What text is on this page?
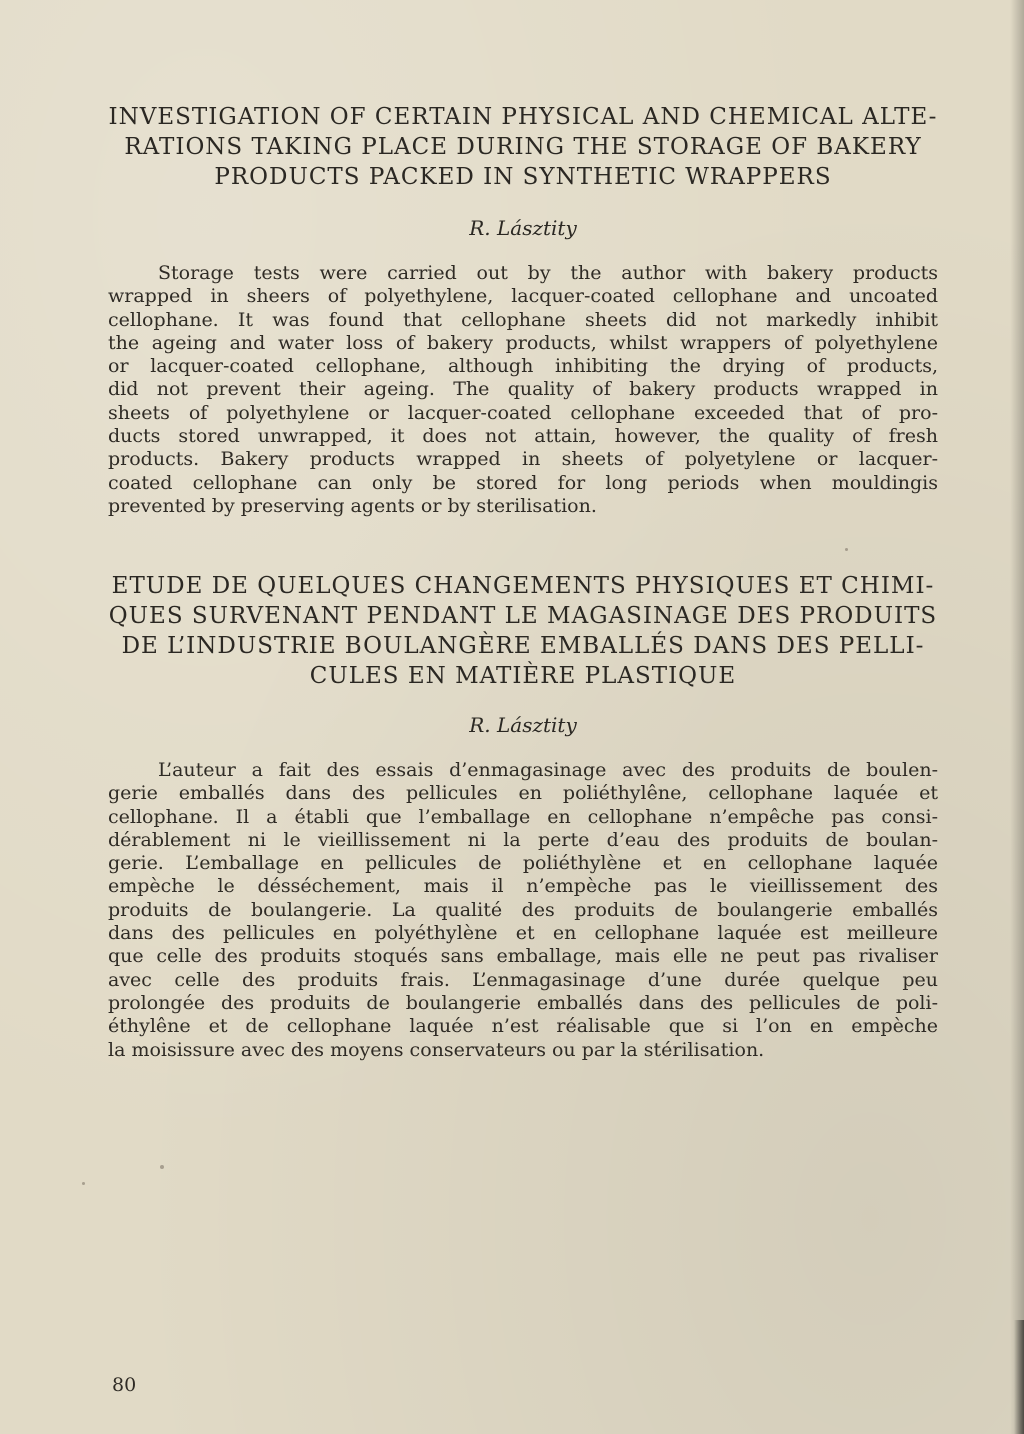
INVESTIGATION OF CERTAIN PHYSICAL AND CHEMICAL ALTE-
RATIONS TAKING PLACE DURING THE STORAGE OF BAKERY
PRODUCTS PACKED IN SYNTHETIC WRAPPERS
R. Lásztity

Storage tests were carried out by the author with bakery products
wrapped in sheers of polyethylene, lacquer-coated cellophane and uncoated
cellophane. It was found that cellophane sheets did not markedly inhibit
the ageing and water loss of bakery products, whilst wrappers of polyethylene
or lacquer-coated cellophane, although inhibiting the drying of products,
did not prevent their ageing. The quality of bakery products wrapped in
sheets of polyethylene or lacquer-coated cellophane exceeded that of pro-
ducts stored unwrapped, it does not attain, however, the quality of fresh
products. Bakery products wrapped in sheets of polyetylene or lacquer-
coated cellophane can only be stored for long periods when mouldingis
prevented by preserving agents or by sterilisation.

ETUDE DE QUELQUES CHANGEMENTS PHYSIQUES ET CHIMI-
QUES SURVENANT PENDANT LE MAGASINAGE DES PRODUITS
DE L’INDUSTRIE BOULANGÈRE EMBALLÉS DANS DES PELLI-
CULES EN MATIÈRE PLASTIQUE
R. Lásztity

L’auteur a fait des essais d’enmagasinage avec des produits de boulen-
gerie emballés dans des pellicules en poliéthylêne, cellophane laquée et
cellophane. Il a établi que l’emballage en cellophane n’empêche pas consi-
dérablement ni le vieillissement ni la perte d’eau des produits de boulan-
gerie. L’emballage en pellicules de poliéthylène et en cellophane laquée
empèche le désséchement, mais il n’empèche pas le vieillissement des
produits de boulangerie. La qualité des produits de boulangerie emballés
dans des pellicules en polyéthylène et en cellophane laquée est meilleure
que celle des produits stoqués sans emballage, mais elle ne peut pas rivaliser
avec celle des produits frais. L’enmagasinage d’une durée quelque peu
prolongée des produits de boulangerie emballés dans des pellicules de poli-
éthylêne et de cellophane laquée n’est réalisable que si l’on en empèche
la moisissure avec des moyens conservateurs ou par la stérilisation.

80
